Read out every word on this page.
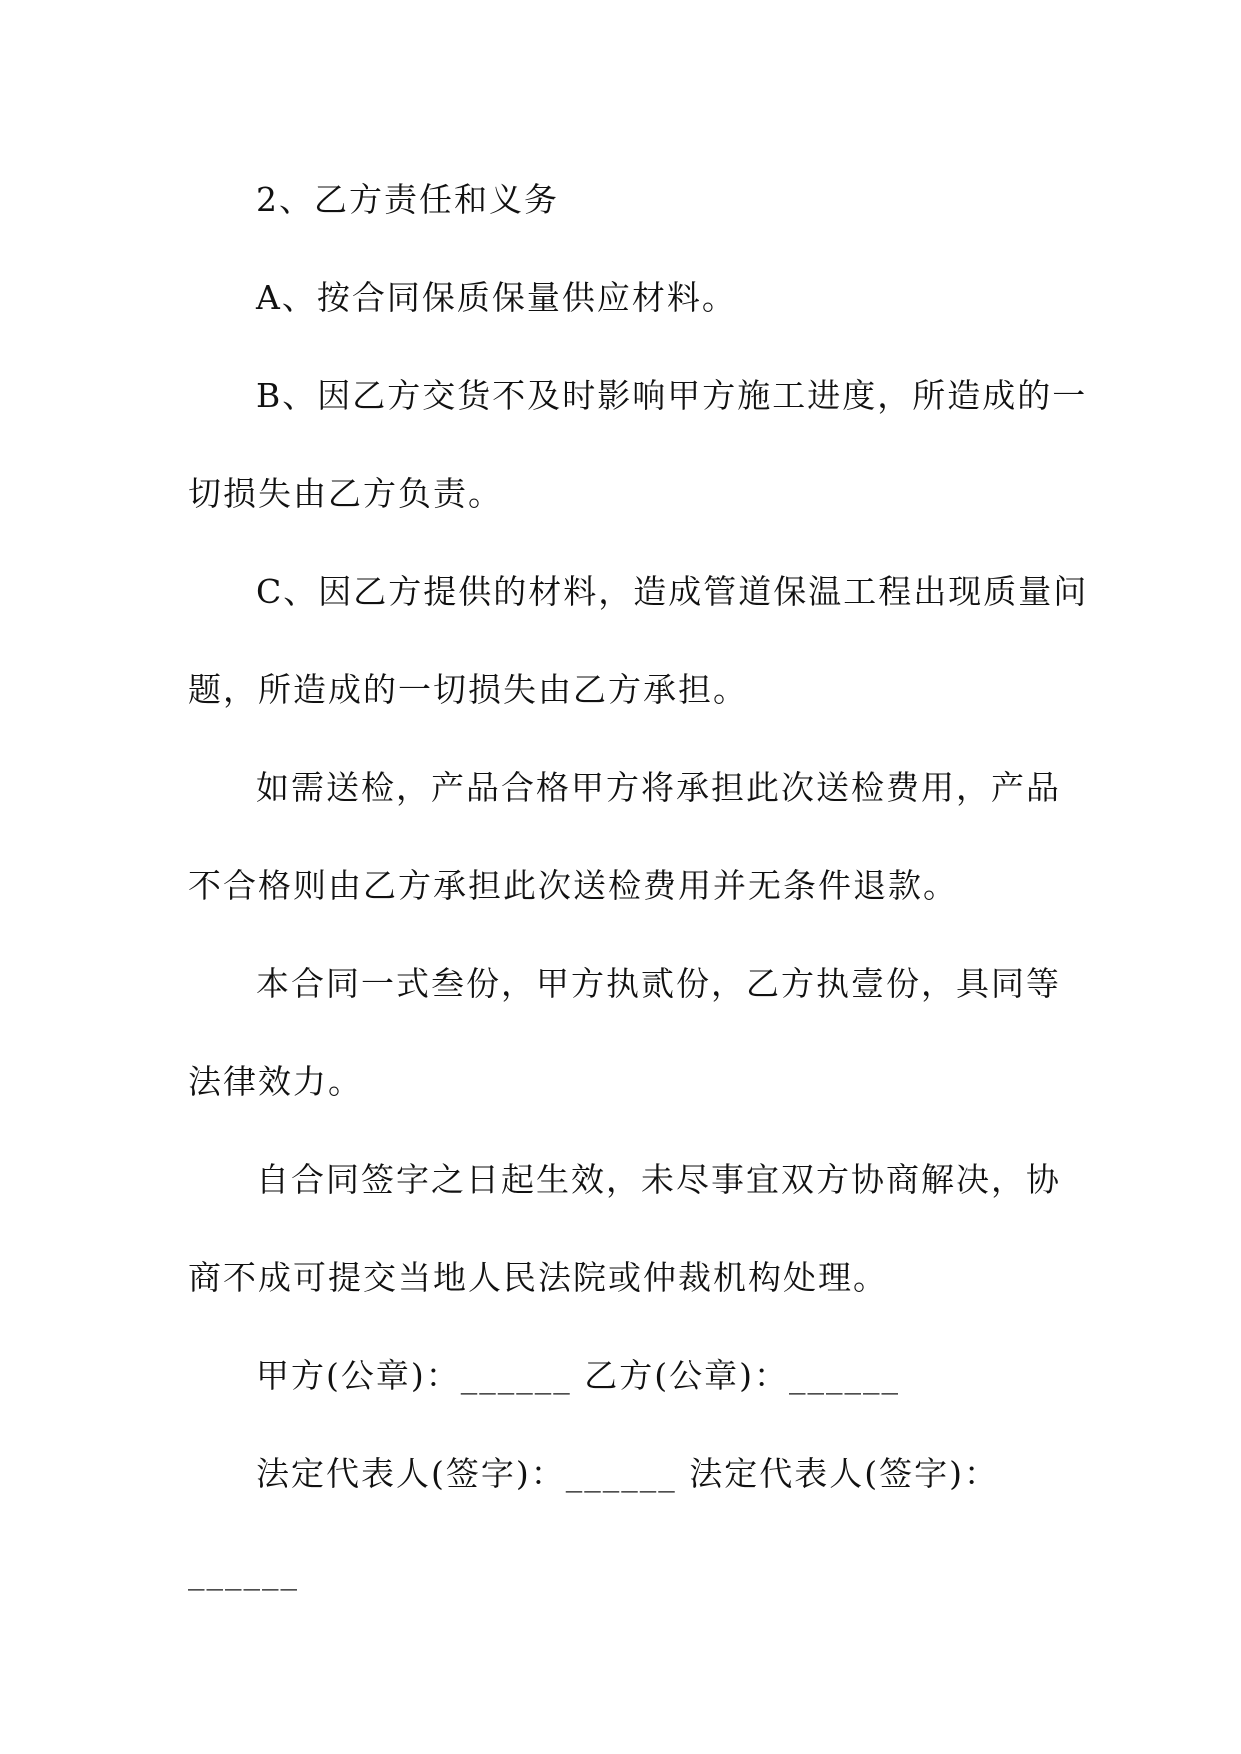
2、乙方责任和义务
A、按合同保质保量供应材料。
B、因乙方交货不及时影响甲方施工进度，所造成的一
切损失由乙方负责。
C、因乙方提供的材料，造成管道保温工程出现质量问
题，所造成的一切损失由乙方承担。
如需送检，产品合格甲方将承担此次送检费用，产品
不合格则由乙方承担此次送检费用并无条件退款。
本合同一式叁份，甲方执贰份，乙方执壹份，具同等
法律效力。
自合同签字之日起生效，未尽事宜双方协商解决，协
商不成可提交当地人民法院或仲裁机构处理。
甲方(公章)：______ 乙方(公章)：______
法定代表人(签字)：______ 法定代表人(签字)：
______
